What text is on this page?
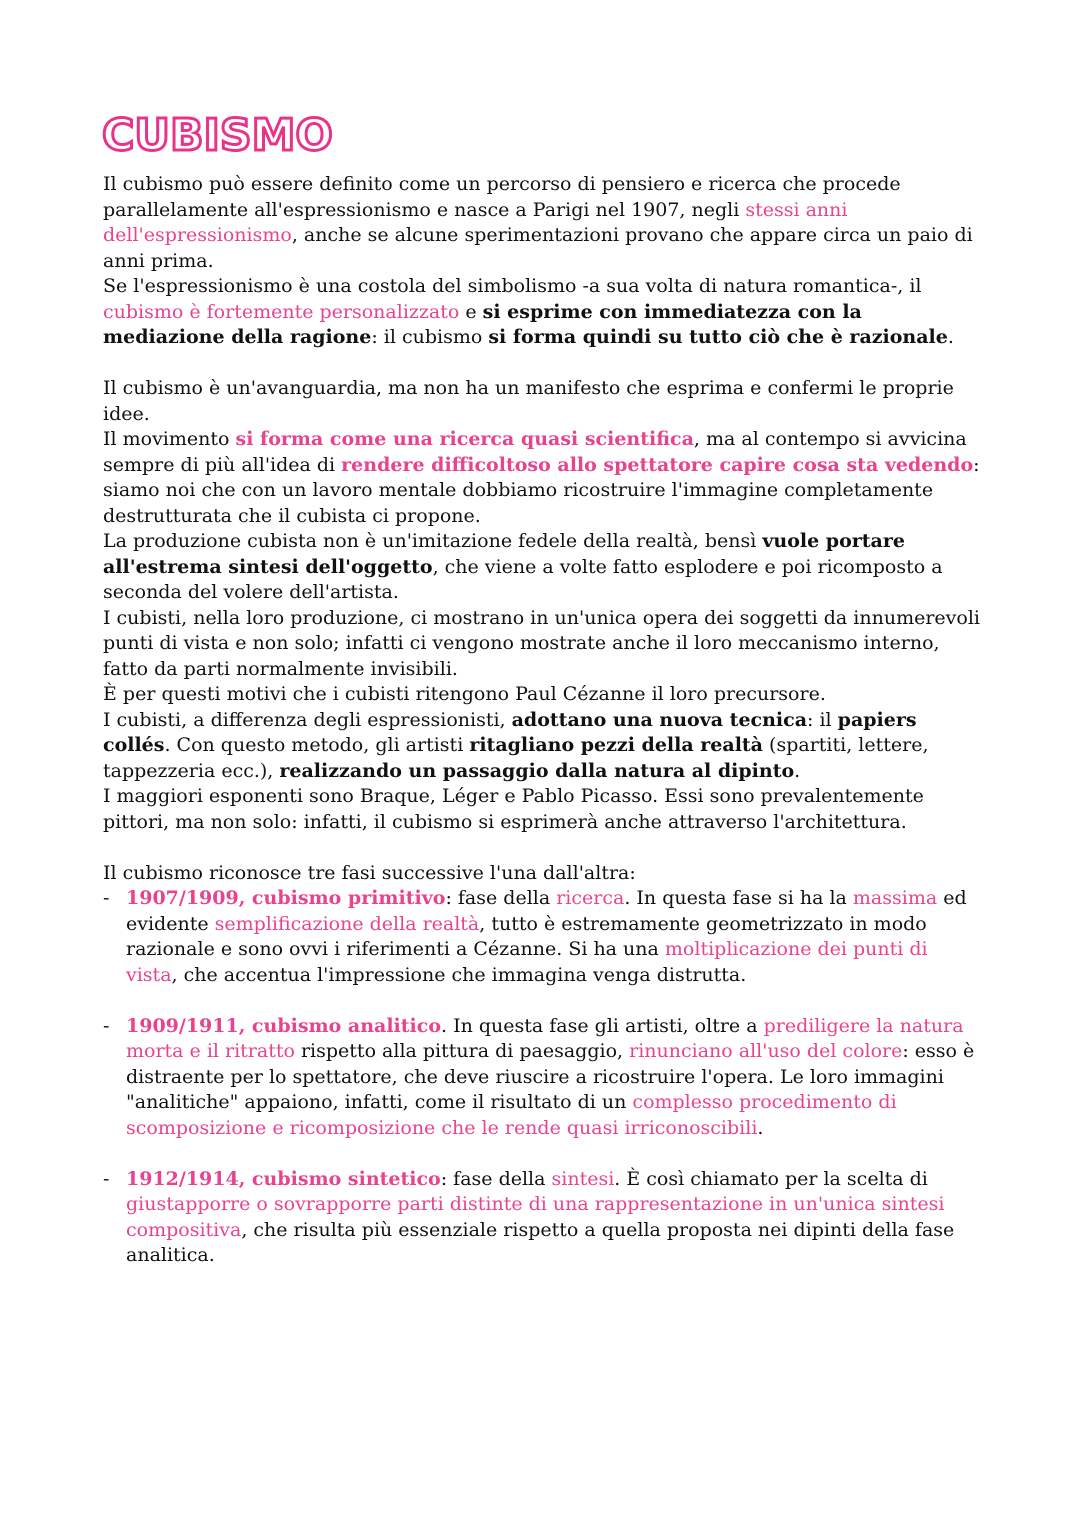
CUBISMO

Il cubismo può essere definito come un percorso di pensiero e ricerca che procede parallelamente all'espressionismo e nasce a Parigi nel 1907, negli stessi anni dell'espressionismo, anche se alcune sperimentazioni provano che appare circa un paio di anni prima.

Se l'espressionismo è una costola del simbolismo -a sua volta di natura romantica-, il cubismo è fortemente personalizzato e si esprime con immediatezza con la mediazione della ragione: il cubismo si forma quindi su tutto ciò che è razionale.

Il cubismo è un'avanguardia, ma non ha un manifesto che esprima e confermi le proprie idee.

Il movimento si forma come una ricerca quasi scientifica, ma al contempo si avvicina sempre di più all'idea di rendere difficoltoso allo spettatore capire cosa sta vedendo: siamo noi che con un lavoro mentale dobbiamo ricostruire l'immagine completamente destrutturata che il cubista ci propone.

La produzione cubista non è un'imitazione fedele della realtà, bensì vuole portare all'estrema sintesi dell'oggetto, che viene a volte fatto esplodere e poi ricomposto a seconda del volere dell'artista.

I cubisti, nella loro produzione, ci mostrano in un'unica opera dei soggetti da innumerevoli punti di vista e non solo; infatti ci vengono mostrate anche il loro meccanismo interno, fatto da parti normalmente invisibili.

È per questi motivi che i cubisti ritengono Paul Cézanne il loro precursore.

I cubisti, a differenza degli espressionisti, adottano una nuova tecnica: il papiers collés. Con questo metodo, gli artisti ritagliano pezzi della realtà (spartiti, lettere, tappezzeria ecc.), realizzando un passaggio dalla natura al dipinto.

I maggiori esponenti sono Braque, Léger e Pablo Picasso. Essi sono prevalentemente pittori, ma non solo: infatti, il cubismo si esprimerà anche attraverso l'architettura.

Il cubismo riconosce tre fasi successive l'una dall'altra:

- 1907/1909, cubismo primitivo: fase della ricerca. In questa fase si ha la massima ed evidente semplificazione della realtà, tutto è estremamente geometrizzato in modo razionale e sono ovvi i riferimenti a Cézanne. Si ha una moltiplicazione dei punti di vista, che accentua l'impressione che immagina venga distrutta.
- 1909/1911, cubismo analitico. In questa fase gli artisti, oltre a prediligere la natura morta e il ritratto rispetto alla pittura di paesaggio, rinunciano all'uso del colore: esso è distraente per lo spettatore, che deve riuscire a ricostruire l'opera. Le loro immagini "analitiche" appaiono, infatti, come il risultato di un complesso procedimento di scomposizione e ricomposizione che le rende quasi irriconoscibili.
- 1912/1914, cubismo sintetico: fase della sintesi. È così chiamato per la scelta di giustapporre o sovrapporre parti distinte di una rappresentazione in un'unica sintesi compositiva, che risulta più essenziale rispetto a quella proposta nei dipinti della fase analitica.
